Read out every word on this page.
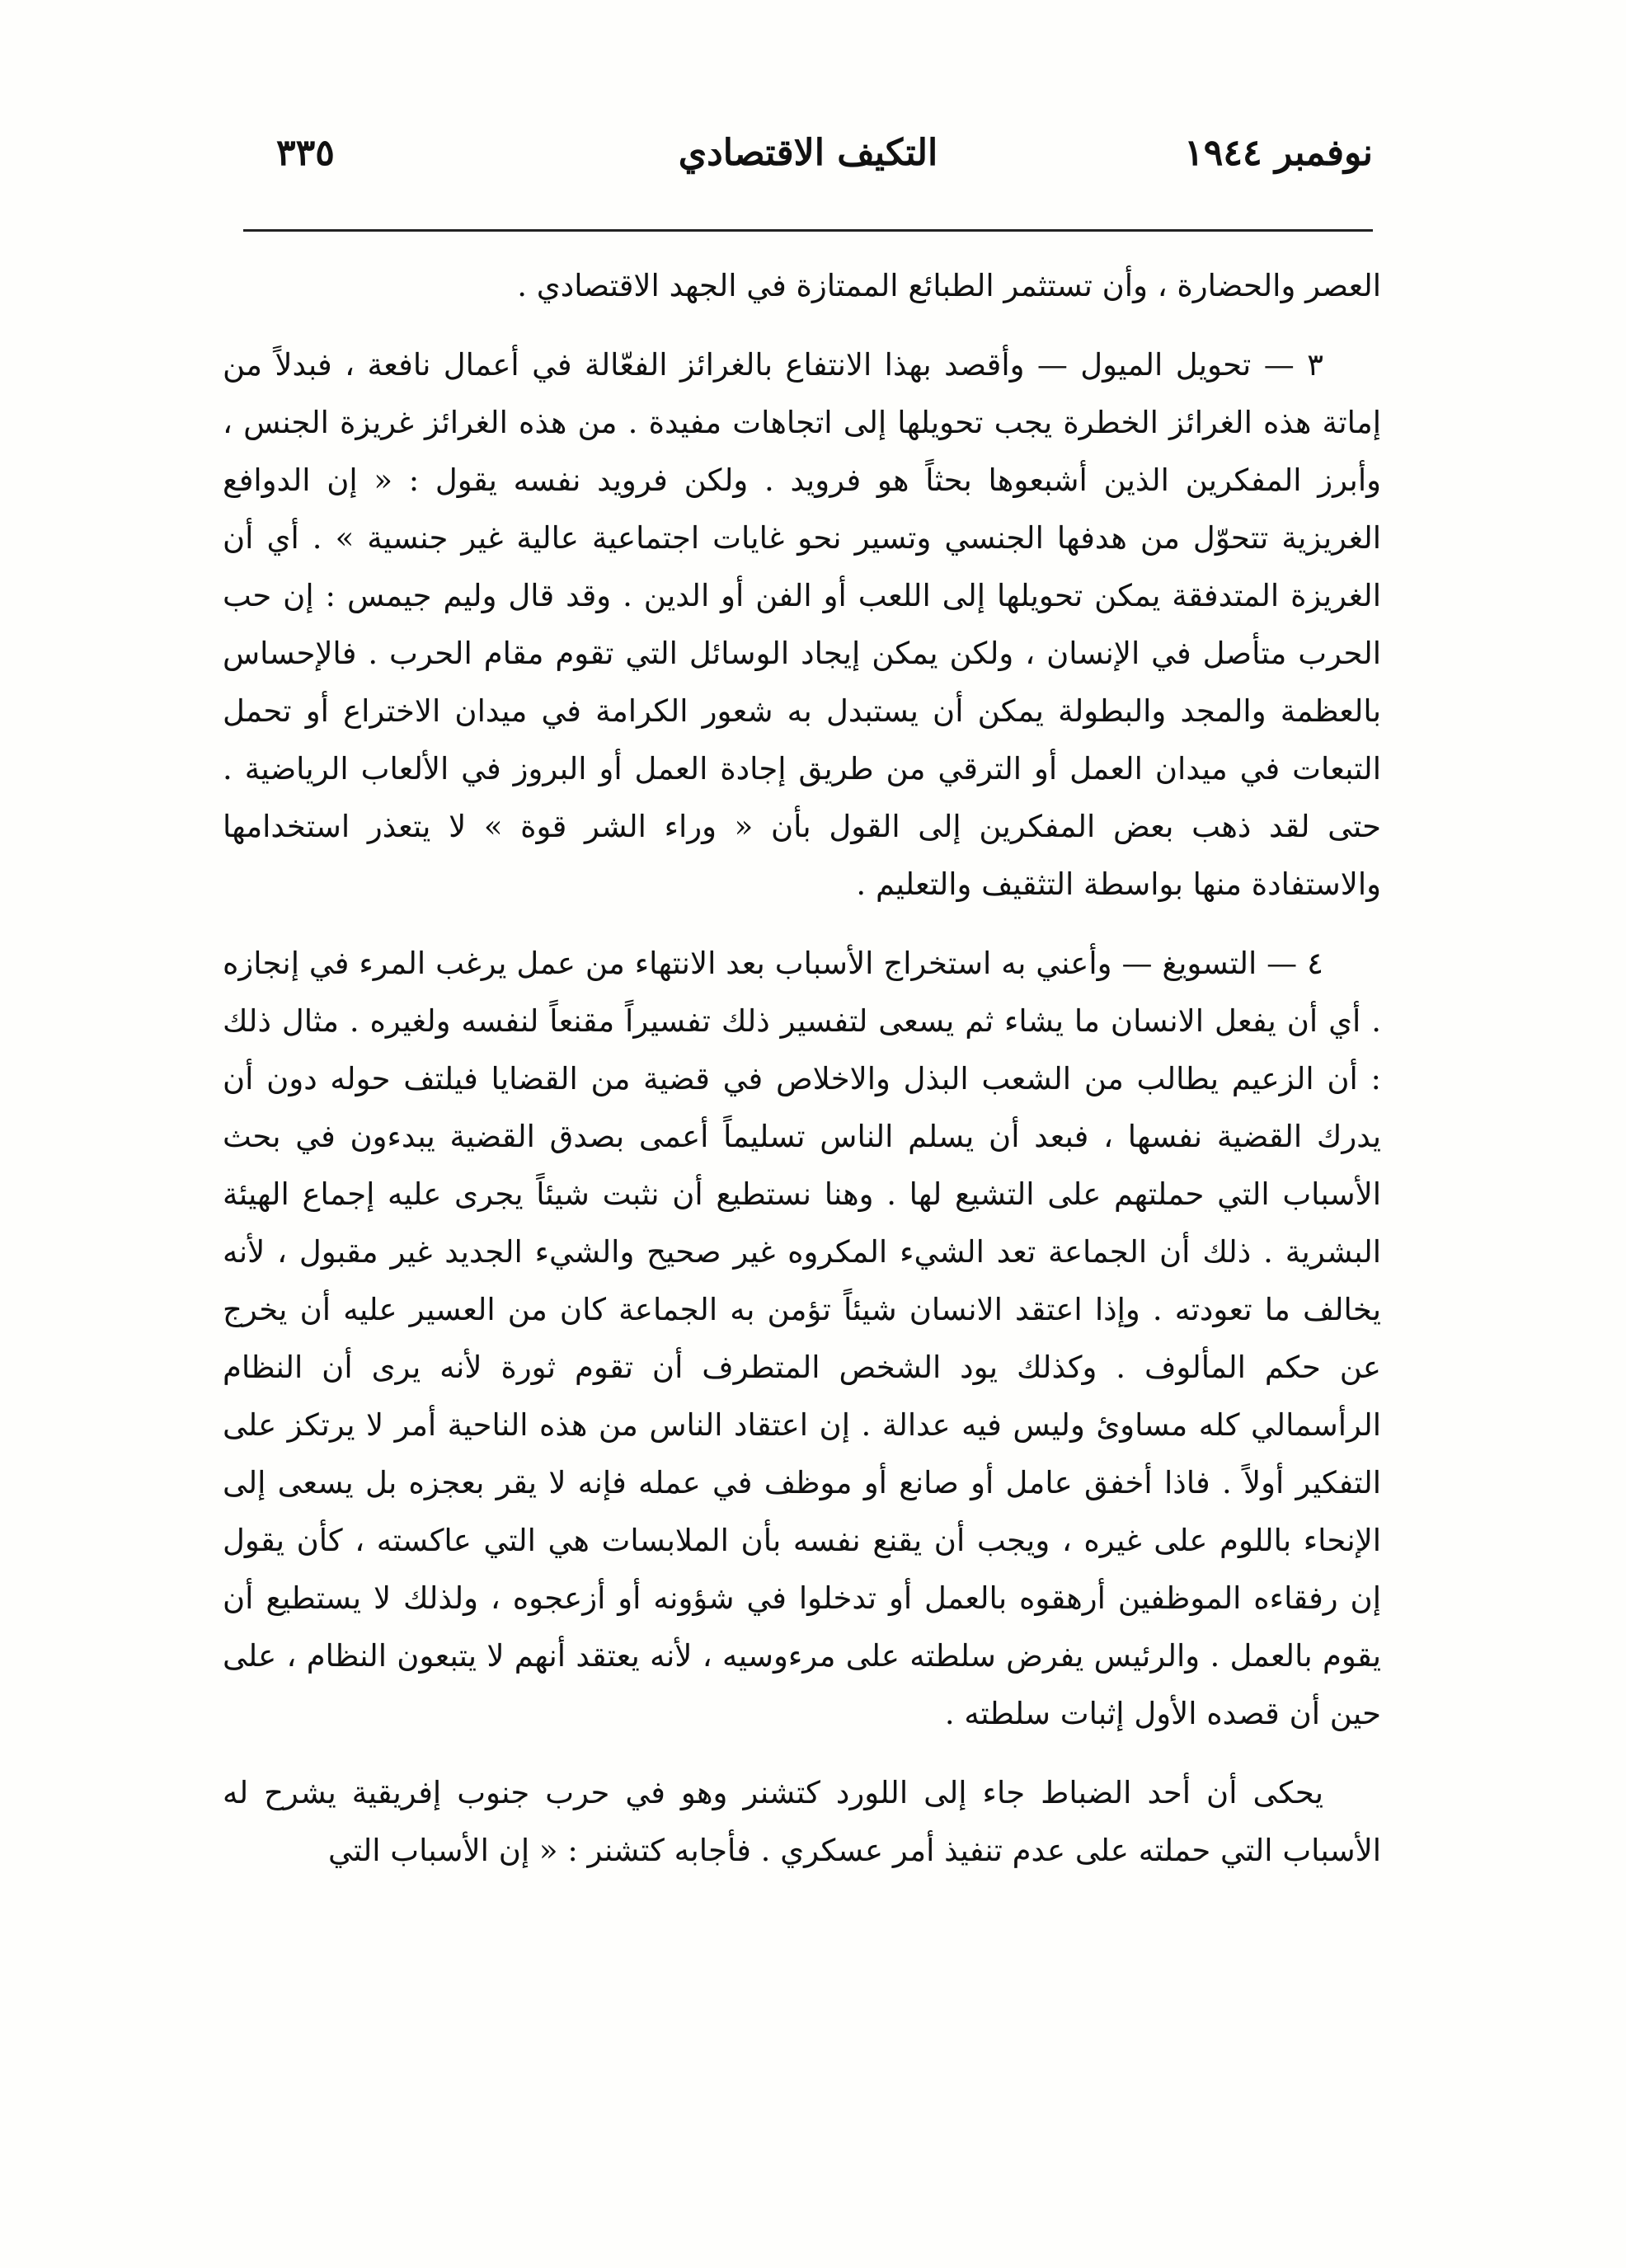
نوفمبر ١٩٤٤
التكيف الاقتصادي
٣٣٥

العصر والحضارة ، وأن تستثمر الطبائع الممتازة في الجهد الاقتصادي .

٣ — تحويل الميول — وأقصد بهذا الانتفاع بالغرائز الفعّالة في أعمال نافعة ، فبدلاً من إماتة هذه الغرائز الخطرة يجب تحويلها إلى اتجاهات مفيدة . من هذه الغرائز غريزة الجنس ، وأبرز المفكرين الذين أشبعوها بحثاً هو فرويد . ولكن فرويد نفسه يقول : « إن الدوافع الغريزية تتحوّل من هدفها الجنسي وتسير نحو غايات اجتماعية عالية غير جنسية » . أي أن الغريزة المتدفقة يمكن تحويلها إلى اللعب أو الفن أو الدين . وقد قال وليم جيمس : إن حب الحرب متأصل في الإنسان ، ولكن يمكن إيجاد الوسائل التي تقوم مقام الحرب . فالإحساس بالعظمة والمجد والبطولة يمكن أن يستبدل به شعور الكرامة في ميدان الاختراع أو تحمل التبعات في ميدان العمل أو الترقي من طريق إجادة العمل أو البروز في الألعاب الرياضية . حتى لقد ذهب بعض المفكرين إلى القول بأن « وراء الشر قوة » لا يتعذر استخدامها والاستفادة منها بواسطة التثقيف والتعليم .

٤ — التسويغ — وأعني به استخراج الأسباب بعد الانتهاء من عمل يرغب المرء في إنجازه . أي أن يفعل الانسان ما يشاء ثم يسعى لتفسير ذلك تفسيراً مقنعاً لنفسه ولغيره . مثال ذلك : أن الزعيم يطالب من الشعب البذل والاخلاص في قضية من القضايا فيلتف حوله دون أن يدرك القضية نفسها ، فبعد أن يسلم الناس تسليماً أعمى بصدق القضية يبدءون في بحث الأسباب التي حملتهم على التشيع لها . وهنا نستطيع أن نثبت شيئاً يجرى عليه إجماع الهيئة البشرية . ذلك أن الجماعة تعد الشيء المكروه غير صحيح والشيء الجديد غير مقبول ، لأنه يخالف ما تعودته . وإذا اعتقد الانسان شيئاً تؤمن به الجماعة كان من العسير عليه أن يخرج عن حكم المألوف . وكذلك يود الشخص المتطرف أن تقوم ثورة لأنه يرى أن النظام الرأسمالي كله مساوئ وليس فيه عدالة . إن اعتقاد الناس من هذه الناحية أمر لا يرتكز على التفكير أولاً . فاذا أخفق عامل أو صانع أو موظف في عمله فإنه لا يقر بعجزه بل يسعى إلى الإنحاء باللوم على غيره ، ويجب أن يقنع نفسه بأن الملابسات هي التي عاكسته ، كأن يقول إن رفقاءه الموظفين أرهقوه بالعمل أو تدخلوا في شؤونه أو أزعجوه ، ولذلك لا يستطيع أن يقوم بالعمل . والرئيس يفرض سلطته على مرءوسيه ، لأنه يعتقد أنهم لا يتبعون النظام ، على حين أن قصده الأول إثبات سلطته .

يحكى أن أحد الضباط جاء إلى اللورد كتشنر وهو في حرب جنوب إفريقية يشرح له الأسباب التي حملته على عدم تنفيذ أمر عسكري . فأجابه كتشنر : « إن الأسباب التي
